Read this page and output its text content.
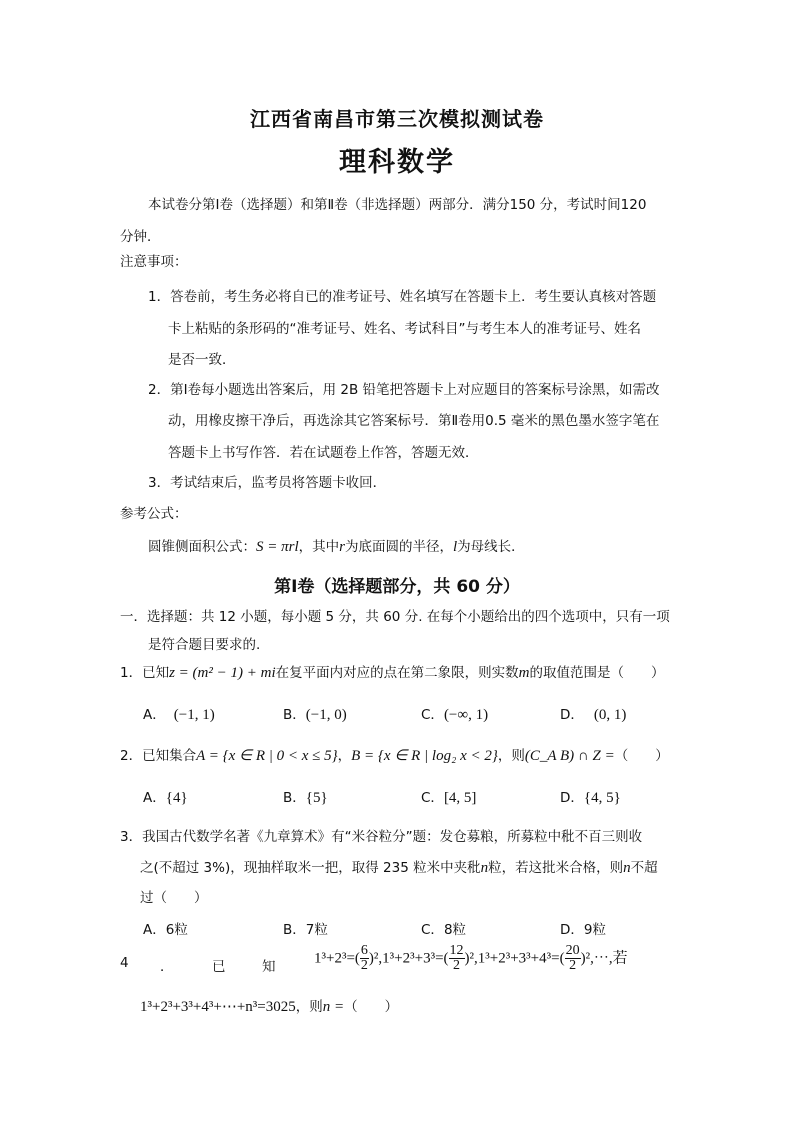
江西省南昌市第三次模拟测试卷
理科数学
本试卷分第Ⅰ卷（选择题）和第Ⅱ卷（非选择题）两部分．满分150 分，考试时间120
分钟．
注意事项：
1．答卷前，考生务必将自已的准考证号、姓名填写在答题卡上．考生要认真核对答题
卡上粘贴的条形码的“准考证号、姓名、考试科目”与考生本人的准考证号、姓名
是否一致．
2．第Ⅰ卷每小题选出答案后，用 2B 铅笔把答题卡上对应题目的答案标号涂黑，如需改
动，用橡皮擦干净后，再选涂其它答案标号．第Ⅱ卷用0.5 毫米的黑色墨水签字笔在
答题卡上书写作答．若在试题卷上作答，答题无效．
3．考试结束后，监考员将答题卡收回．
参考公式：
圆锥侧面积公式：S = πrl，其中r为底面圆的半径，l为母线长．
第Ⅰ卷（选择题部分，共 60 分）
一．选择题：共 12 小题，每小题 5 分，共 60 分. 在每个小题给出的四个选项中，只有一项
是符合题目要求的.
1．已知z = (m² − 1) + mi在复平面内对应的点在第二象限，则实数m的取值范围是（　　）
A． (−1, 1)	B．(−1, 0)	C．(−∞, 1)	D． (0, 1)
2．已知集合A = {x ∈ R | 0 < x ≤ 5}，B = {x ∈ R | log₂ x < 2}，则(C_A B) ∩ Z =（　　）
A．{4}	B．{5}	C．[4, 5]	D．{4, 5}
3．我国古代数学名著《九章算术》有“米谷粒分”题：发仓募粮，所募粒中秕不百三则收
之(不超过 3%)，现抽样取米一把，取得 235 粒米中夹秕n粒，若这批米合格，则n不超
过（　　）
A．6粒	B．7粒	C．8粒	D．9粒
4 ．	已	知
$1^3+2^3=( \frac{6}{2} )^2,1^3+2^3+3^3=( \frac{12}{2} )^2,1^3+2^3+3^3+4^3=( \frac{20}{2}$ )²,⋯,若
1³+2³+3³+4³+⋯+n³=3025，则n =（　　）
